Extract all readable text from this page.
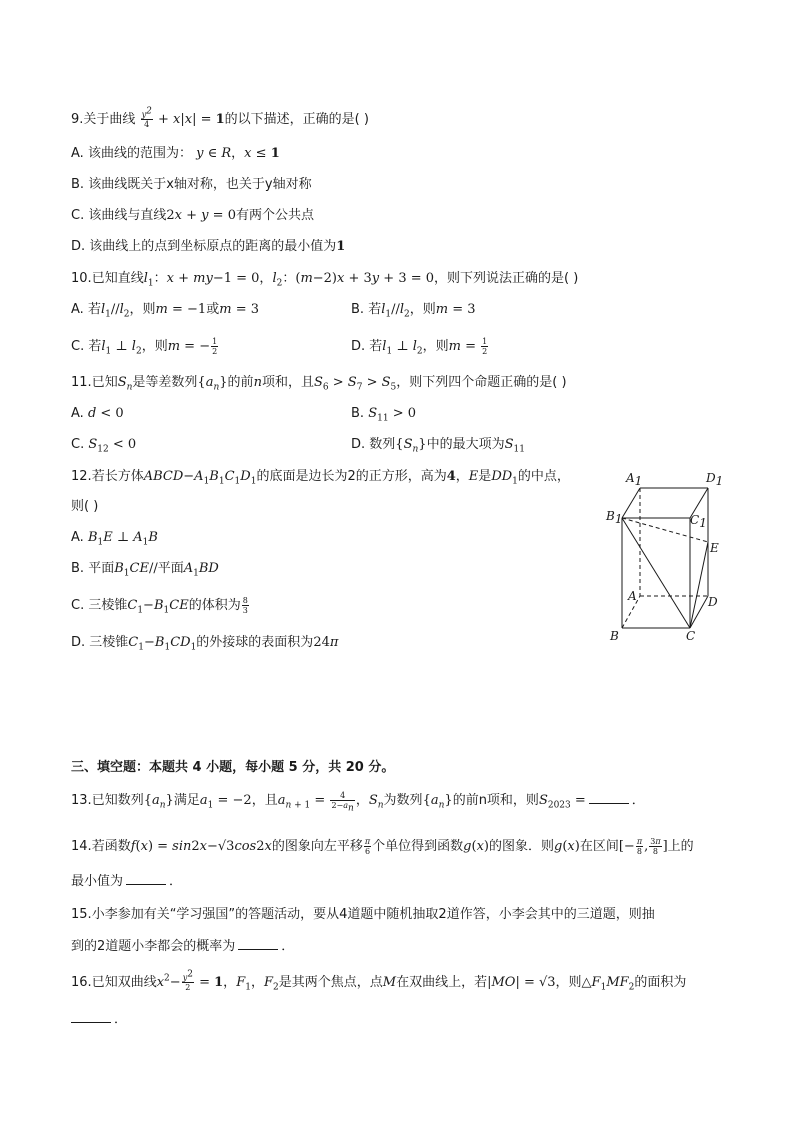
9.关于曲线 $\frac{y^2}{4} + x|x| = 1$的以下描述，正确的是( )
A. 该曲线的范围为： y ∈ R，x ≤ 1
B. 该曲线既关于x轴对称，也关于y轴对称
C. 该曲线与直线2x + y = 0有两个公共点
D. 该曲线上的点到坐标原点的距离的最小值为1
10.已知直线$l_1$：x + my−1 = 0，$l_2$：(m−2)x + 3y + 3 = 0，则下列说法正确的是( )
A. 若$l_1//l_2$，则m = −1或m = 3	B. 若$l_1//l_2$，则m = 3
C. 若$l_1$ ⊥ $l_2$，则m = − $\frac{1}{2}$	D. 若$l_1$ ⊥ $l_2$，则$m = \frac{1}{2}$
11.已知$S_n$是等差数列$\{a_n\}$的前n项和，且$S_6 > S_7 > S_5$，则下列四个命题正确的是( )
A. d < 0	B. $S_{11} > 0$
C. $S_{12} < 0$	D. 数列$\{S_n\}$中的最大项为$S_{11}$
12.若长方体$ABCD-A_1B_1C_1D_1$的底面是边长为2的正方形，高为4，E是$DD_1$的中点，
则( )
A. $B_1E$ ⊥ $A_1B$
B. 平面$B_1CE//$平面$A_1BD$
C. 三棱锥$C_1-B_1CE$的体积为 $\frac{8}{3}$
D. 三棱锥$C_1-B_1CD_1$的外接球的表面积为24π
A1	D1
B1	C1
E
A	D
B	C
三、填空题：本题共 4 小题，每小题 5 分，共 20 分。
13.已知数列$\{a_n\}$满足$a_1 = -2$，且$a_{n + 1} = \frac{4}{2-a_n}$ ，$S_n$为数列$\{a_n\}$的前n项和，则$S_{2023}$ =	．
14.若函数f(x) = sin2x−√3cos2x的图象向左平移 $\frac{\pi}{6}$ 个单位得到函数g(x)的图象．则g(x)在区间[− $\frac{\pi}{8}$ , $\frac{3\pi}{8}$ ]上的
最小值为	．
15.小李参加有关“学习强国”的答题活动，要从4道题中随机抽取2道作答，小李会其中的三道题，则抽
到的2道题小李都会的概率为	．
16.已知双曲线$x^2- \frac{y^2}{2} = 1$，$F_1$，$F_2$是其两个焦点，点M在双曲线上，若|MO| = √3，则$\triangle F_1MF_2$的面积为
．
